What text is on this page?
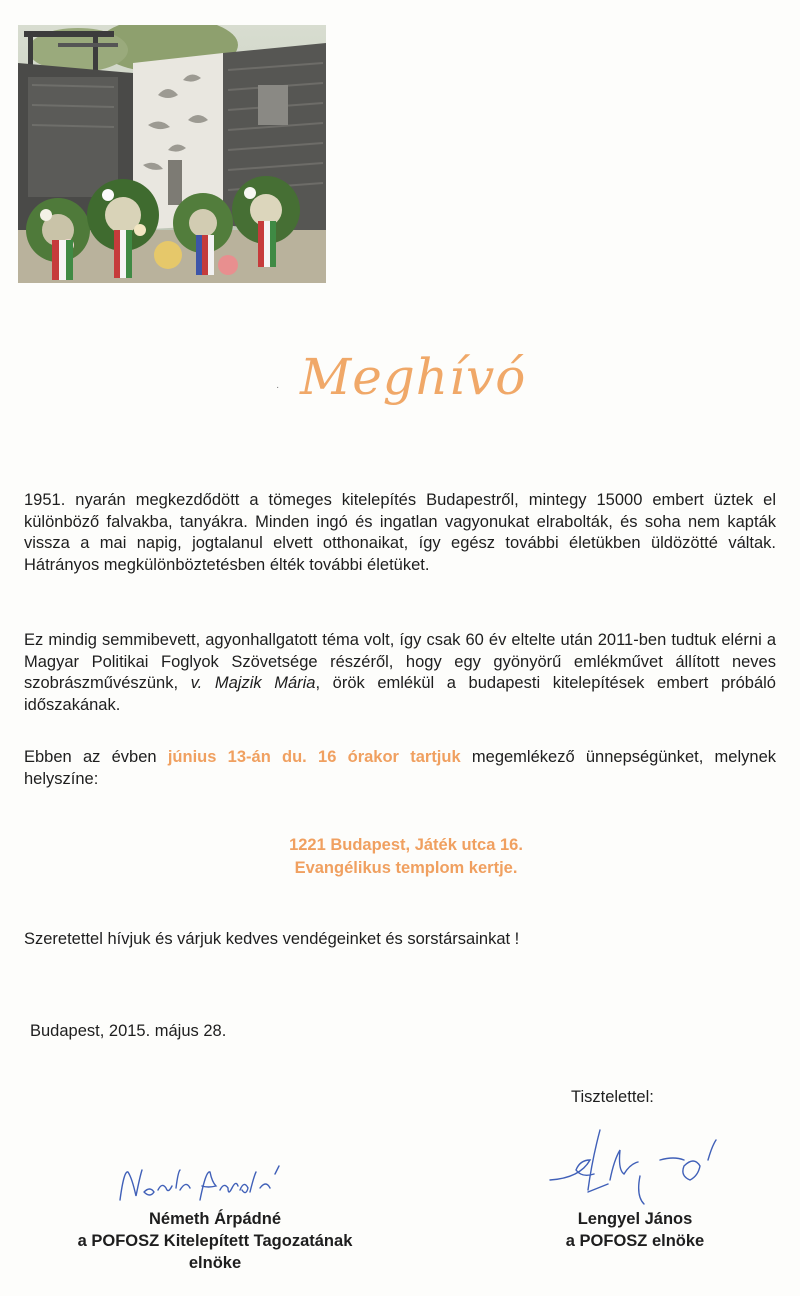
Meghívó
·

1951. nyarán megkezdődött a tömeges kitelepítés Budapestről, mintegy 15000 embert üztek el különböző falvakba, tanyákra. Minden ingó és ingatlan vagyonukat elrabolták, és soha nem kapták vissza a mai napig, jogtalanul elvett otthonaikat, így egész további életükben üldözötté váltak. Hátrányos megkülönböztetésben élték további életüket.

Ez mindig semmibevett, agyonhallgatott téma volt, így csak 60 év eltelte után 2011-ben tudtuk elérni a Magyar Politikai Foglyok Szövetsége részéről, hogy egy gyönyörű emlékművet állított neves szobrászművészünk, v. Majzik Mária, örök emlékül a budapesti kitelepítések embert próbáló időszakának.

Ebben az évben június 13-án du. 16 órakor tartjuk megemlékező ünnepségünket, melynek helyszíne:

1221 Budapest, Játék utca 16.
Evangélikus templom kertje.
Szeretettel hívjuk és várjuk kedves vendégeinket és sorstársainkat !
Budapest, 2015. május 28.
Tisztelettel:
Németh Árpádné
a POFOSZ Kitelepített Tagozatának
elnöke
Lengyel János
a POFOSZ elnöke
